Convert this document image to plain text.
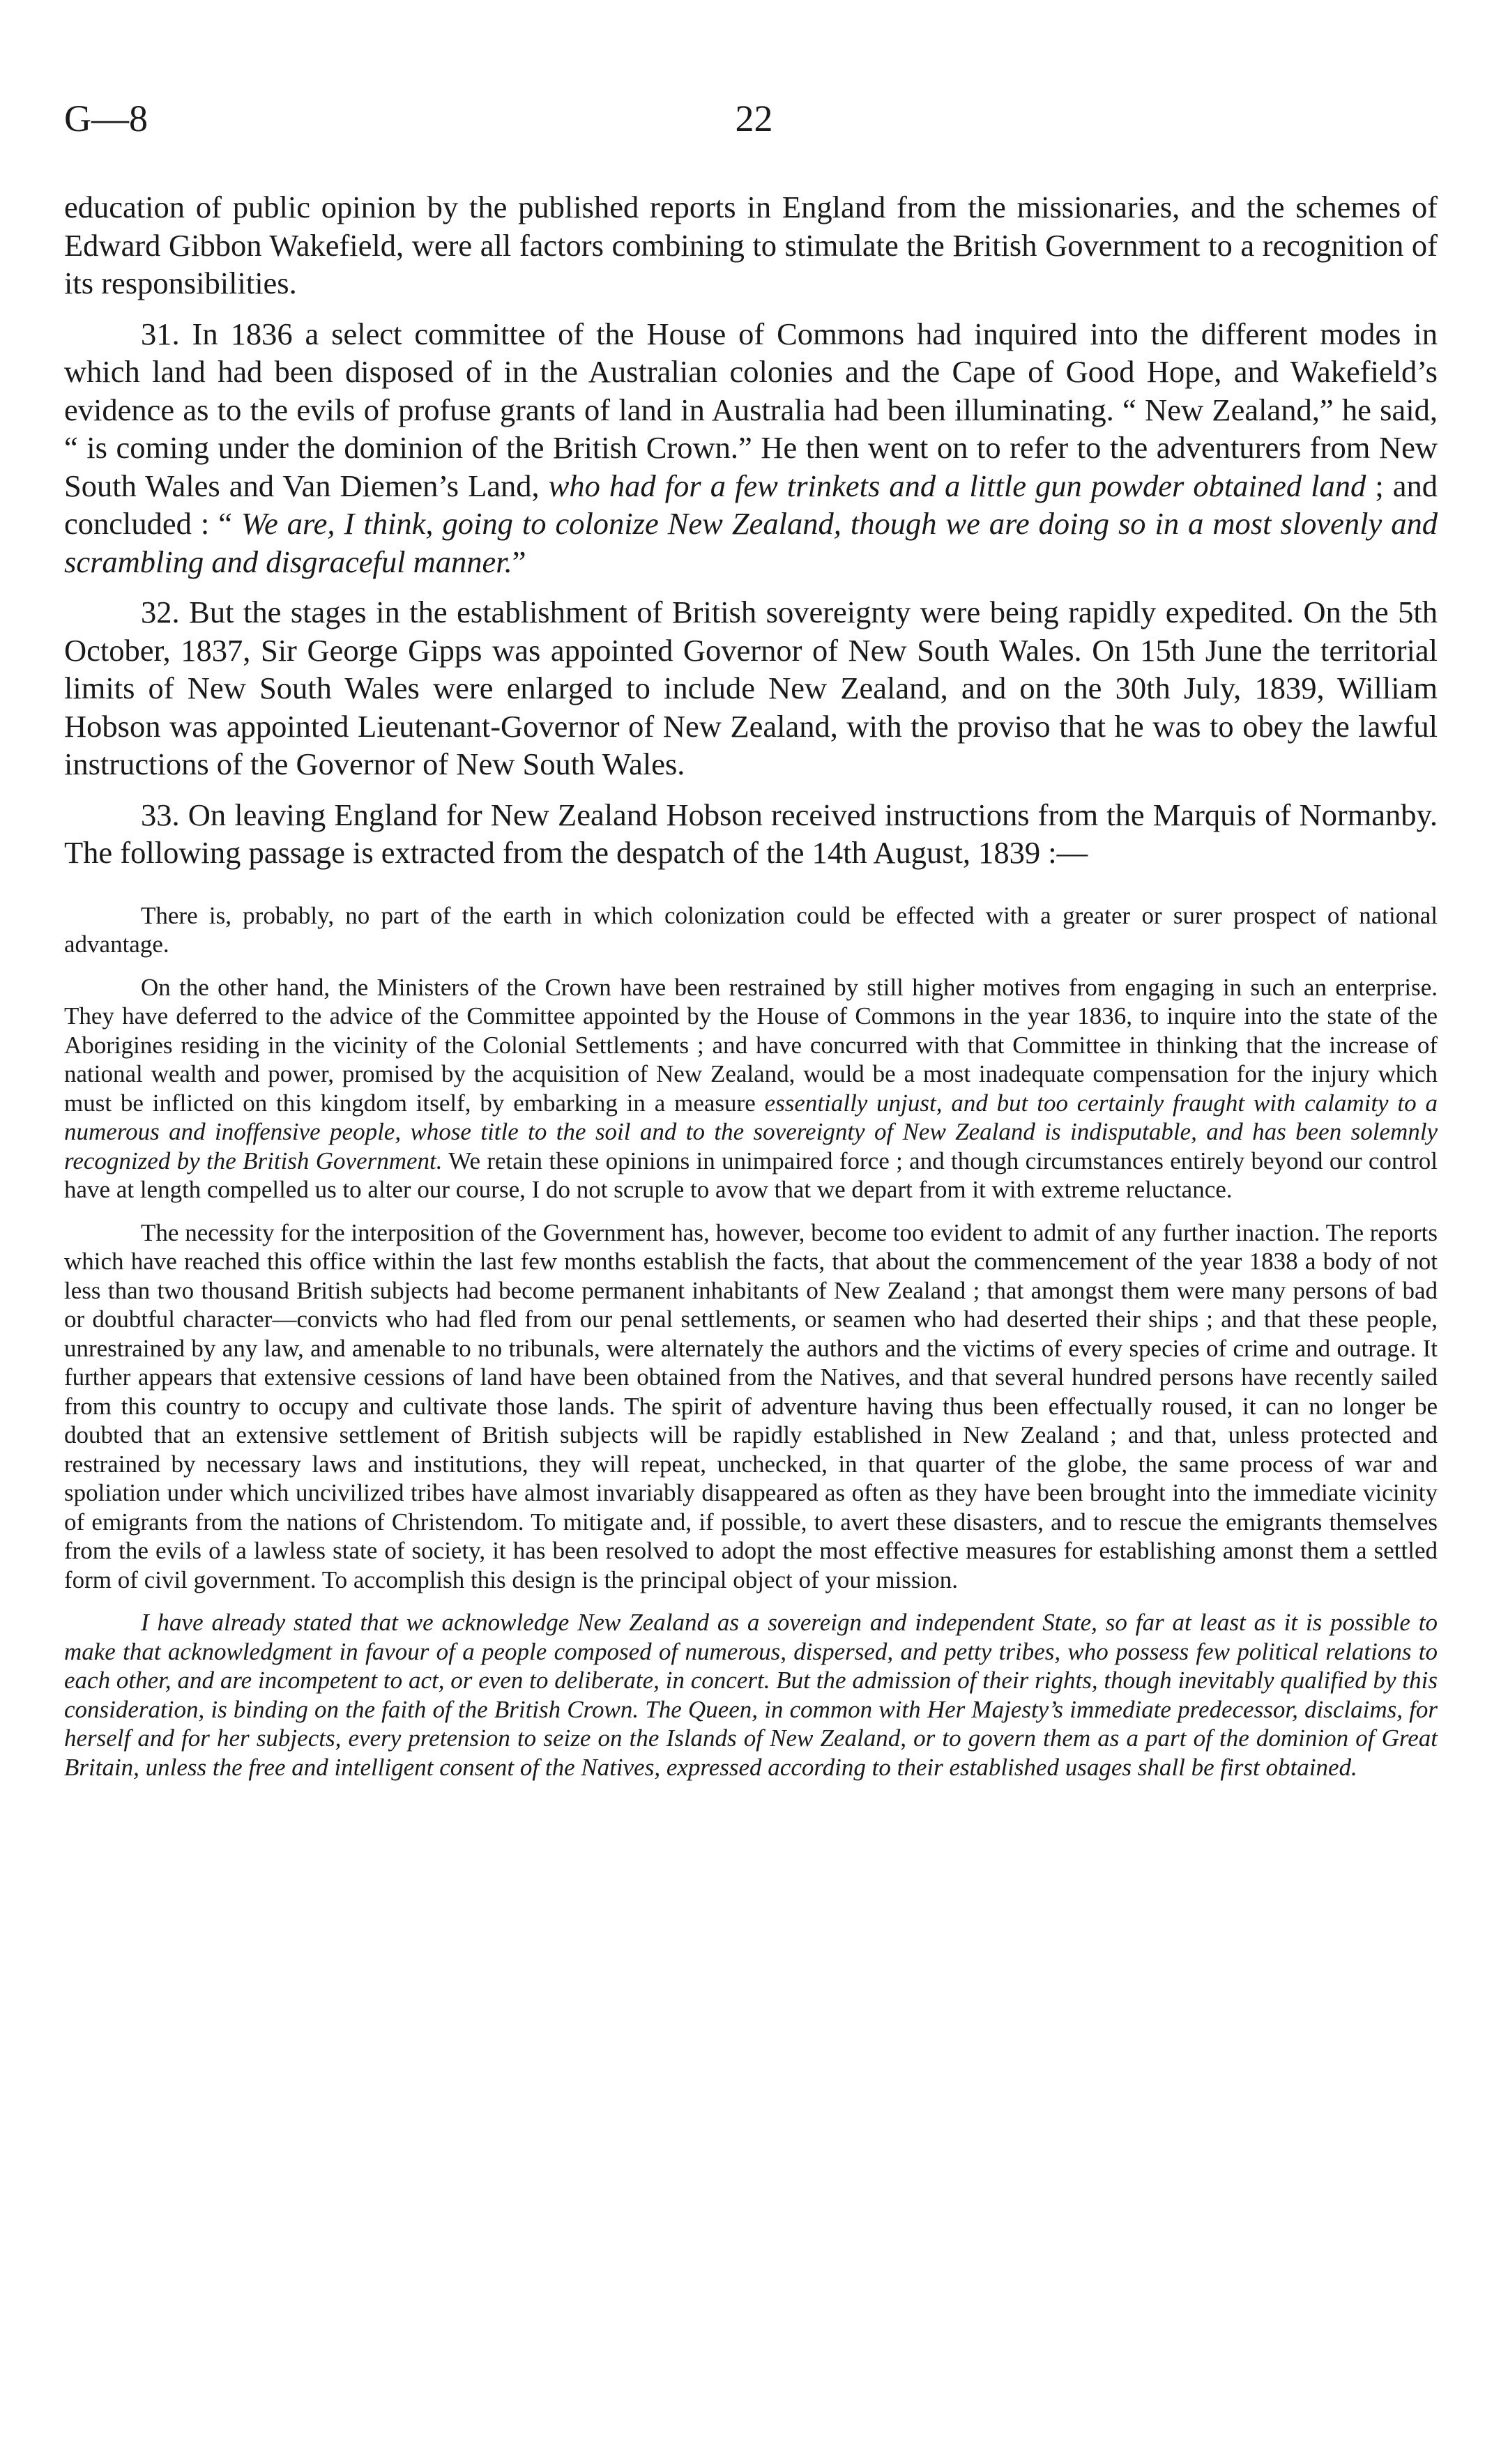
G—8	22

education of public opinion by the published reports in England from the missionaries, and the schemes of Edward Gibbon Wakefield, were all factors combining to stimulate the British Government to a recognition of its responsibilities.

31. In 1836 a select committee of the House of Commons had inquired into the different modes in which land had been disposed of in the Australian colonies and the Cape of Good Hope, and Wakefield’s evidence as to the evils of profuse grants of land in Australia had been illuminating. “ New Zealand,” he said, “ is coming under the dominion of the British Crown.” He then went on to refer to the adventurers from New South Wales and Van Diemen’s Land, who had for a few trinkets and a little gun powder obtained land ; and concluded : “ We are, I think, going to colonize New Zealand, though we are doing so in a most slovenly and scrambling and disgraceful manner.”

32. But the stages in the establishment of British sovereignty were being rapidly expedited. On the 5th October, 1837, Sir George Gipps was appointed Governor of New South Wales. On 15th June the territorial limits of New South Wales were enlarged to include New Zealand, and on the 30th July, 1839, William Hobson was appointed Lieutenant-Governor of New Zealand, with the proviso that he was to obey the lawful instructions of the Governor of New South Wales.

33. On leaving England for New Zealand Hobson received instructions from the Marquis of Normanby. The following passage is extracted from the despatch of the 14th August, 1839 :—

There is, probably, no part of the earth in which colonization could be effected with a greater or surer prospect of national advantage.

On the other hand, the Ministers of the Crown have been restrained by still higher motives from engaging in such an enterprise. They have deferred to the advice of the Committee appointed by the House of Commons in the year 1836, to inquire into the state of the Aborigines residing in the vicinity of the Colonial Settlements ; and have concurred with that Committee in thinking that the increase of national wealth and power, promised by the acquisition of New Zealand, would be a most inadequate compensation for the injury which must be inflicted on this kingdom itself, by embarking in a measure essentially unjust, and but too certainly fraught with calamity to a numerous and inoffensive people, whose title to the soil and to the sovereignty of New Zealand is indisputable, and has been solemnly recognized by the British Government. We retain these opinions in unimpaired force ; and though circumstances entirely beyond our control have at length compelled us to alter our course, I do not scruple to avow that we depart from it with extreme reluctance.

The necessity for the interposition of the Government has, however, become too evident to admit of any further inaction. The reports which have reached this office within the last few months establish the facts, that about the commencement of the year 1838 a body of not less than two thousand British subjects had become permanent inhabitants of New Zealand ; that amongst them were many persons of bad or doubtful character—convicts who had fled from our penal settlements, or seamen who had deserted their ships ; and that these people, unrestrained by any law, and amenable to no tribunals, were alternately the authors and the victims of every species of crime and outrage. It further appears that extensive cessions of land have been obtained from the Natives, and that several hundred persons have recently sailed from this country to occupy and cultivate those lands. The spirit of adventure having thus been effectually roused, it can no longer be doubted that an extensive settlement of British subjects will be rapidly established in New Zealand ; and that, unless protected and restrained by necessary laws and institutions, they will repeat, unchecked, in that quarter of the globe, the same process of war and spoliation under which uncivilized tribes have almost invariably disappeared as often as they have been brought into the immediate vicinity of emigrants from the nations of Christendom. To mitigate and, if possible, to avert these disasters, and to rescue the emigrants themselves from the evils of a lawless state of society, it has been resolved to adopt the most effective measures for establishing amonst them a settled form of civil government. To accomplish this design is the principal object of your mission.

I have already stated that we acknowledge New Zealand as a sovereign and independent State, so far at least as it is possible to make that acknowledgment in favour of a people composed of numerous, dispersed, and petty tribes, who possess few political relations to each other, and are incompetent to act, or even to deliberate, in concert. But the admission of their rights, though inevitably qualified by this consideration, is binding on the faith of the British Crown. The Queen, in common with Her Majesty’s immediate predecessor, disclaims, for herself and for her subjects, every pretension to seize on the Islands of New Zealand, or to govern them as a part of the dominion of Great Britain, unless the free and intelligent consent of the Natives, expressed according to their established usages shall be first obtained.
